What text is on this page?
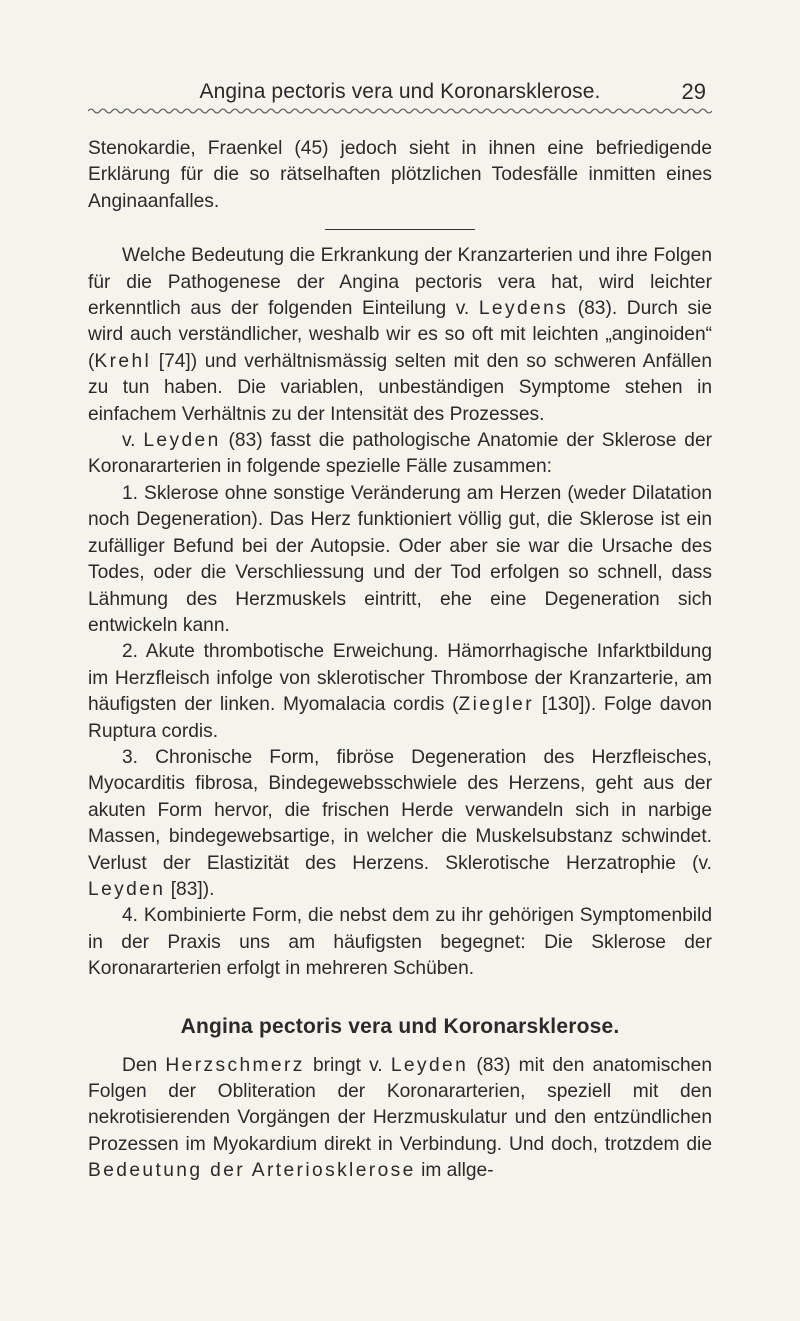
Angina pectoris vera und Koronarsklerose.	29

Stenokardie, Fraenkel (45) jedoch sieht in ihnen eine befriedigende Erklärung für die so rätselhaften plötzlichen Todesfälle inmitten eines Anginaanfalles.

Welche Bedeutung die Erkrankung der Kranzarterien und ihre Folgen für die Pathogenese der Angina pectoris vera hat, wird leichter erkenntlich aus der folgenden Einteilung v. Leydens (83). Durch sie wird auch verständlicher, weshalb wir es so oft mit leichten „anginoiden“ (Krehl [74]) und verhältnismässig selten mit den so schweren Anfällen zu tun haben. Die variablen, unbeständigen Symptome stehen in einfachem Verhältnis zu der Intensität des Prozesses.

v. Leyden (83) fasst die pathologische Anatomie der Sklerose der Koronararterien in folgende spezielle Fälle zusammen:

1. Sklerose ohne sonstige Veränderung am Herzen (weder Dilatation noch Degeneration). Das Herz funktioniert völlig gut, die Sklerose ist ein zufälliger Befund bei der Autopsie. Oder aber sie war die Ursache des Todes, oder die Verschliessung und der Tod erfolgen so schnell, dass Lähmung des Herzmuskels eintritt, ehe eine Degeneration sich entwickeln kann.

2. Akute thrombotische Erweichung. Hämorrhagische Infarktbildung im Herzfleisch infolge von sklerotischer Thrombose der Kranzarterie, am häufigsten der linken. Myomalacia cordis (Ziegler [130]). Folge davon Ruptura cordis.

3. Chronische Form, fibröse Degeneration des Herzfleisches, Myocarditis fibrosa, Bindegewebsschwiele des Herzens, geht aus der akuten Form hervor, die frischen Herde verwandeln sich in narbige Massen, bindegewebsartige, in welcher die Muskelsubstanz schwindet. Verlust der Elastizität des Herzens. Sklerotische Herzatrophie (v. Leyden [83]).

4. Kombinierte Form, die nebst dem zu ihr gehörigen Symptomenbild in der Praxis uns am häufigsten begegnet: Die Sklerose der Koronararterien erfolgt in mehreren Schüben.

Angina pectoris vera und Koronarsklerose.

Den Herzschmerz bringt v. Leyden (83) mit den anatomischen Folgen der Obliteration der Koronararterien, speziell mit den nekrotisierenden Vorgängen der Herzmuskulatur und den entzündlichen Prozessen im Myokardium direkt in Verbindung. Und doch, trotzdem die Bedeutung der Arteriosklerose im allge-
